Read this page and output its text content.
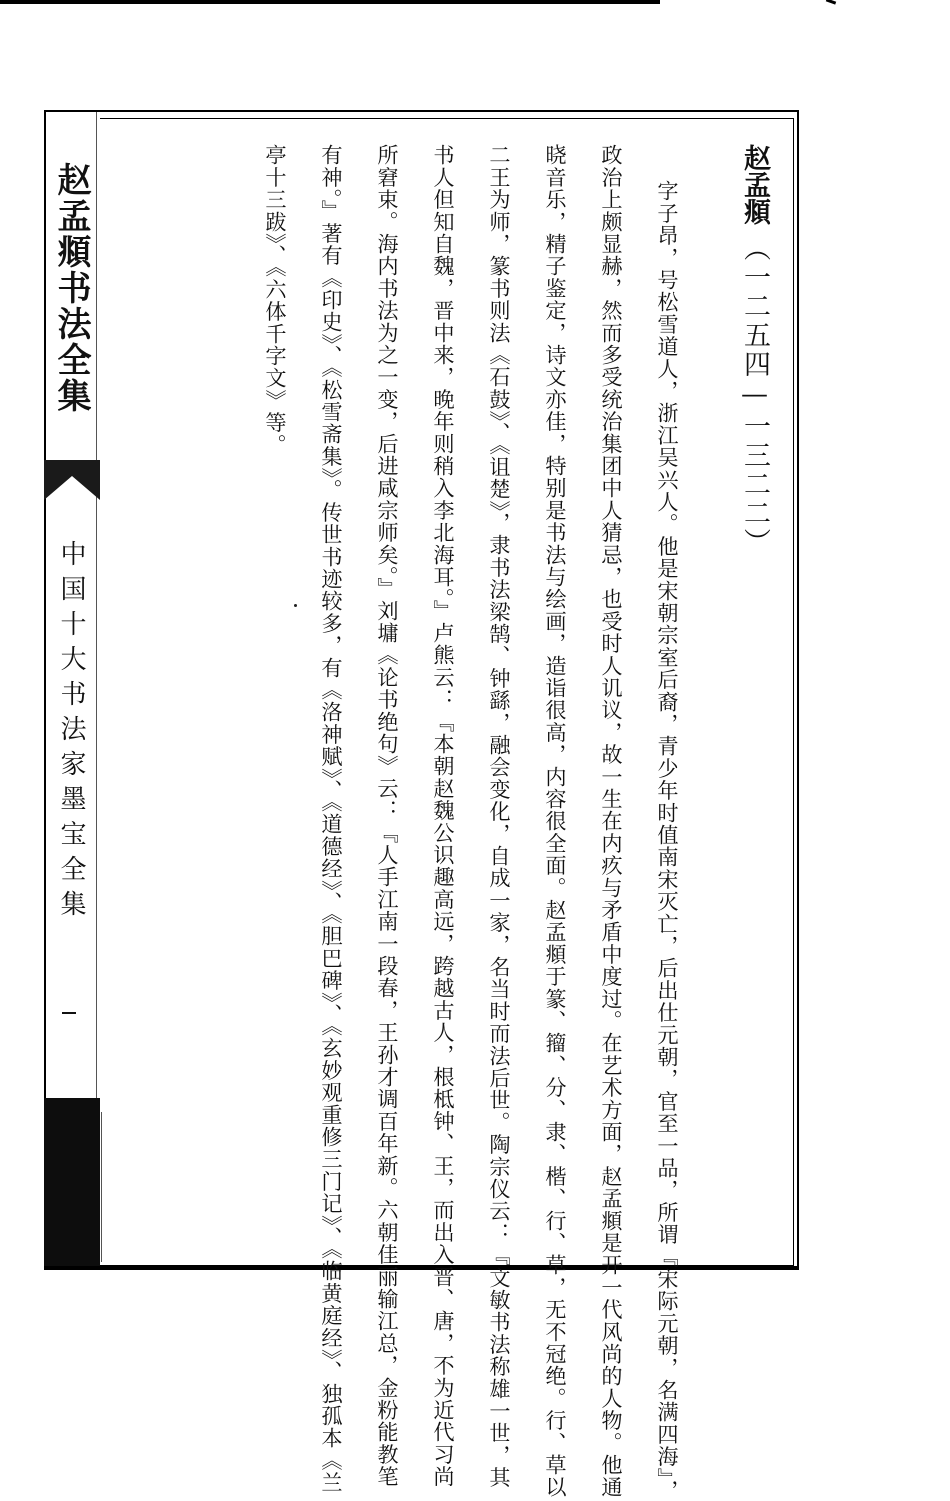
赵孟頫书法全集
中国十大书法家墨宝全集
赵孟頫
（一二五四—一三二二）
字子昂，号松雪道人，浙江吴兴人。他是宋朝宗室后裔，青少年时值南宋灭亡，后出仕元朝，官至一品，所谓『宋际元朝，名满四海』，
政治上颇显赫，然而多受统治集团中人猜忌，也受时人讥议，故一生在内疚与矛盾中度过。在艺术方面，赵孟頫是开一代风尚的人物。他通
晓音乐，精子鉴定，诗文亦佳，特别是书法与绘画，造诣很高，内容很全面。赵孟頫于篆、籀、分、隶、楷、行、草，无不冠绝。行、草以
二王为师，篆书则法《石鼓》、《诅楚》，隶书法梁鹄、钟繇，融会变化，自成一家，名当时而法后世。陶宗仪云：『文敏书法称雄一世，其
书人但知自魏，晋中来，晚年则稍入李北海耳。』卢熊云：『本朝赵魏公识趣高远，跨越古人，根柢钟、王，而出入晋、唐，不为近代习尚
所窘束。海内书法为之一变，后进咸宗师矣。』刘墉《论书绝句》云：『人手江南一段春，王孙才调百年新。六朝佳丽输江总，金粉能教笔
有神。』著有《印史》、《松雪斋集》。传世书迹较多，有《洛神赋》、《道德经》、《胆巴碑》、《玄妙观重修三门记》、《临黄庭经》、独孤本《兰
亭十三跋》、《六体千字文》等。
